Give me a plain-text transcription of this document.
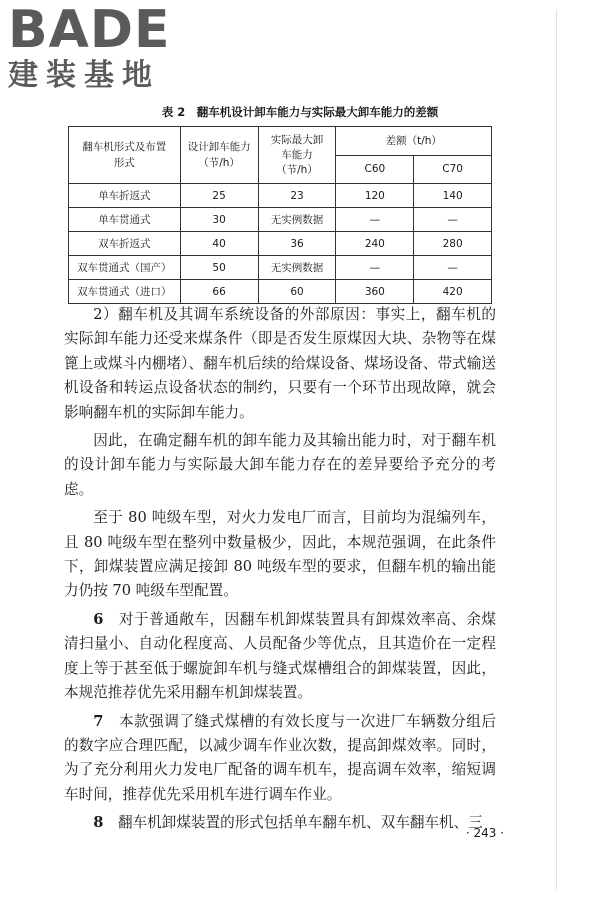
BADE
建装基地
表 2　翻车机设计卸车能力与实际最大卸车能力的差额
翻车机形式及布置形式	设计卸车能力（节/h）	实际最大卸车能力（节/h）	差额（t/h）	
			C60	C70
单车折返式	25	23	120	140
单车贯通式	30	无实例数据	—	—
双车折返式	40	36	240	280
双车贯通式（国产）	50	无实例数据	—	—
双车贯通式（进口）	66	60	360	420

2）翻车机及其调车系统设备的外部原因：事实上，翻车机的实际卸车能力还受来煤条件（即是否发生原煤因大块、杂物等在煤篦上或煤斗内棚堵）、翻车机后续的给煤设备、煤场设备、带式输送机设备和转运点设备状态的制约，只要有一个环节出现故障，就会影响翻车机的实际卸车能力。

因此，在确定翻车机的卸车能力及其输出能力时，对于翻车机的设计卸车能力与实际最大卸车能力存在的差异要给予充分的考虑。

至于 80 吨级车型，对火力发电厂而言，目前均为混编列车，且 80 吨级车型在整列中数量极少，因此，本规范强调，在此条件下，卸煤装置应满足接卸 80 吨级车型的要求，但翻车机的输出能力仍按 70 吨级车型配置。

6　 对于普通敞车，因翻车机卸煤装置具有卸煤效率高、余煤清扫量小、自动化程度高、人员配备少等优点，且其造价在一定程度上等于甚至低于螺旋卸车机与缝式煤槽组合的卸煤装置，因此，本规范推荐优先采用翻车机卸煤装置。

7　 本款强调了缝式煤槽的有效长度与一次进厂车辆数分组后的数字应合理匹配，以减少调车作业次数，提高卸煤效率。同时，为了充分利用火力发电厂配备的调车机车，提高调车效率，缩短调车时间，推荐优先采用机车进行调车作业。

8　 翻车机卸煤装置的形式包括单车翻车机、双车翻车机、三

· 243 ·
